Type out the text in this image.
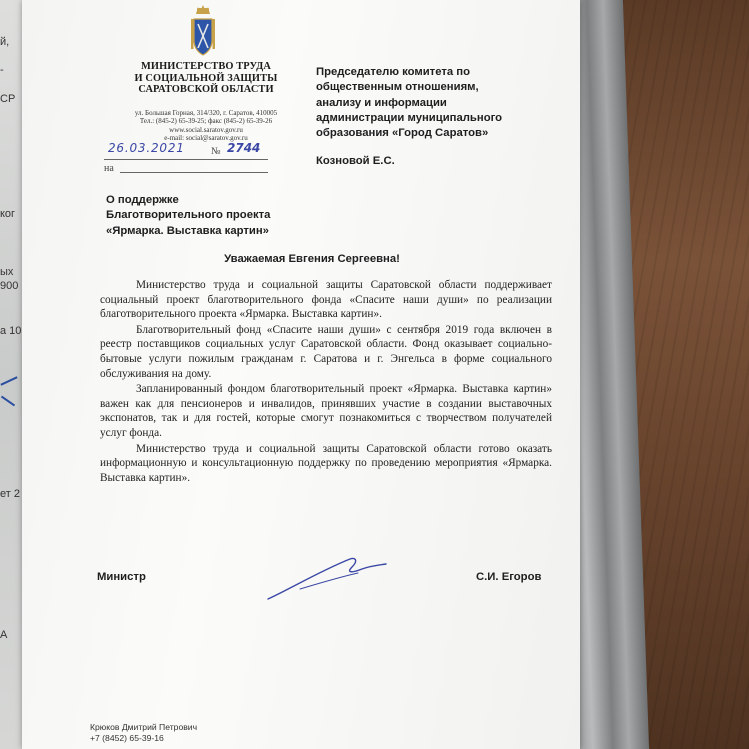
й,
-
СР
ког
ых
900
а 10
ет 2
А
МИНИСТЕРСТВО ТРУДА
И СОЦИАЛЬНОЙ ЗАЩИТЫ
САРАТОВСКОЙ ОБЛАСТИ
ул. Большая Горная, 314/320, г. Саратов, 410005
Тел.: (845-2) 65-39-25; факс (845-2) 65-39-26
www.social.saratov.gov.ru
e-mail: social@saratov.gov.ru
26.03.2021	№ 2744
на
Председателю комитета по
общественным отношениям,
анализу и информации
администрации муниципального
образования «Город Саратов»
Козновой Е.С.
О поддержке
Благотворительного проекта
«Ярмарка. Выставка картин»
Уважаемая Евгения Сергеевна!

Министерство труда и социальной защиты Саратовской области поддерживает социальный проект благотворительного фонда «Спасите наши души» по реализации благотворительного проекта «Ярмарка. Выставка картин».

Благотворительный фонд «Спасите наши души» с сентября 2019 года включен в реестр поставщиков социальных услуг Саратовской области. Фонд оказывает социально-бытовые услуги пожилым гражданам г. Саратова и г. Энгельса в форме социального обслуживания на дому.

Запланированный фондом благотворительный проект «Ярмарка. Выставка картин» важен как для пенсионеров и инвалидов, принявших участие в создании выставочных экспонатов, так и для гостей, которые смогут познакомиться с творчеством получателей услуг фонда.

Министерство труда и социальной защиты Саратовской области готово оказать информационную и консультационную поддержку по проведению мероприятия «Ярмарка. Выставка картин».

Министр	С.И. Егоров
Крюков Дмитрий Петрович
+7 (8452) 65-39-16
